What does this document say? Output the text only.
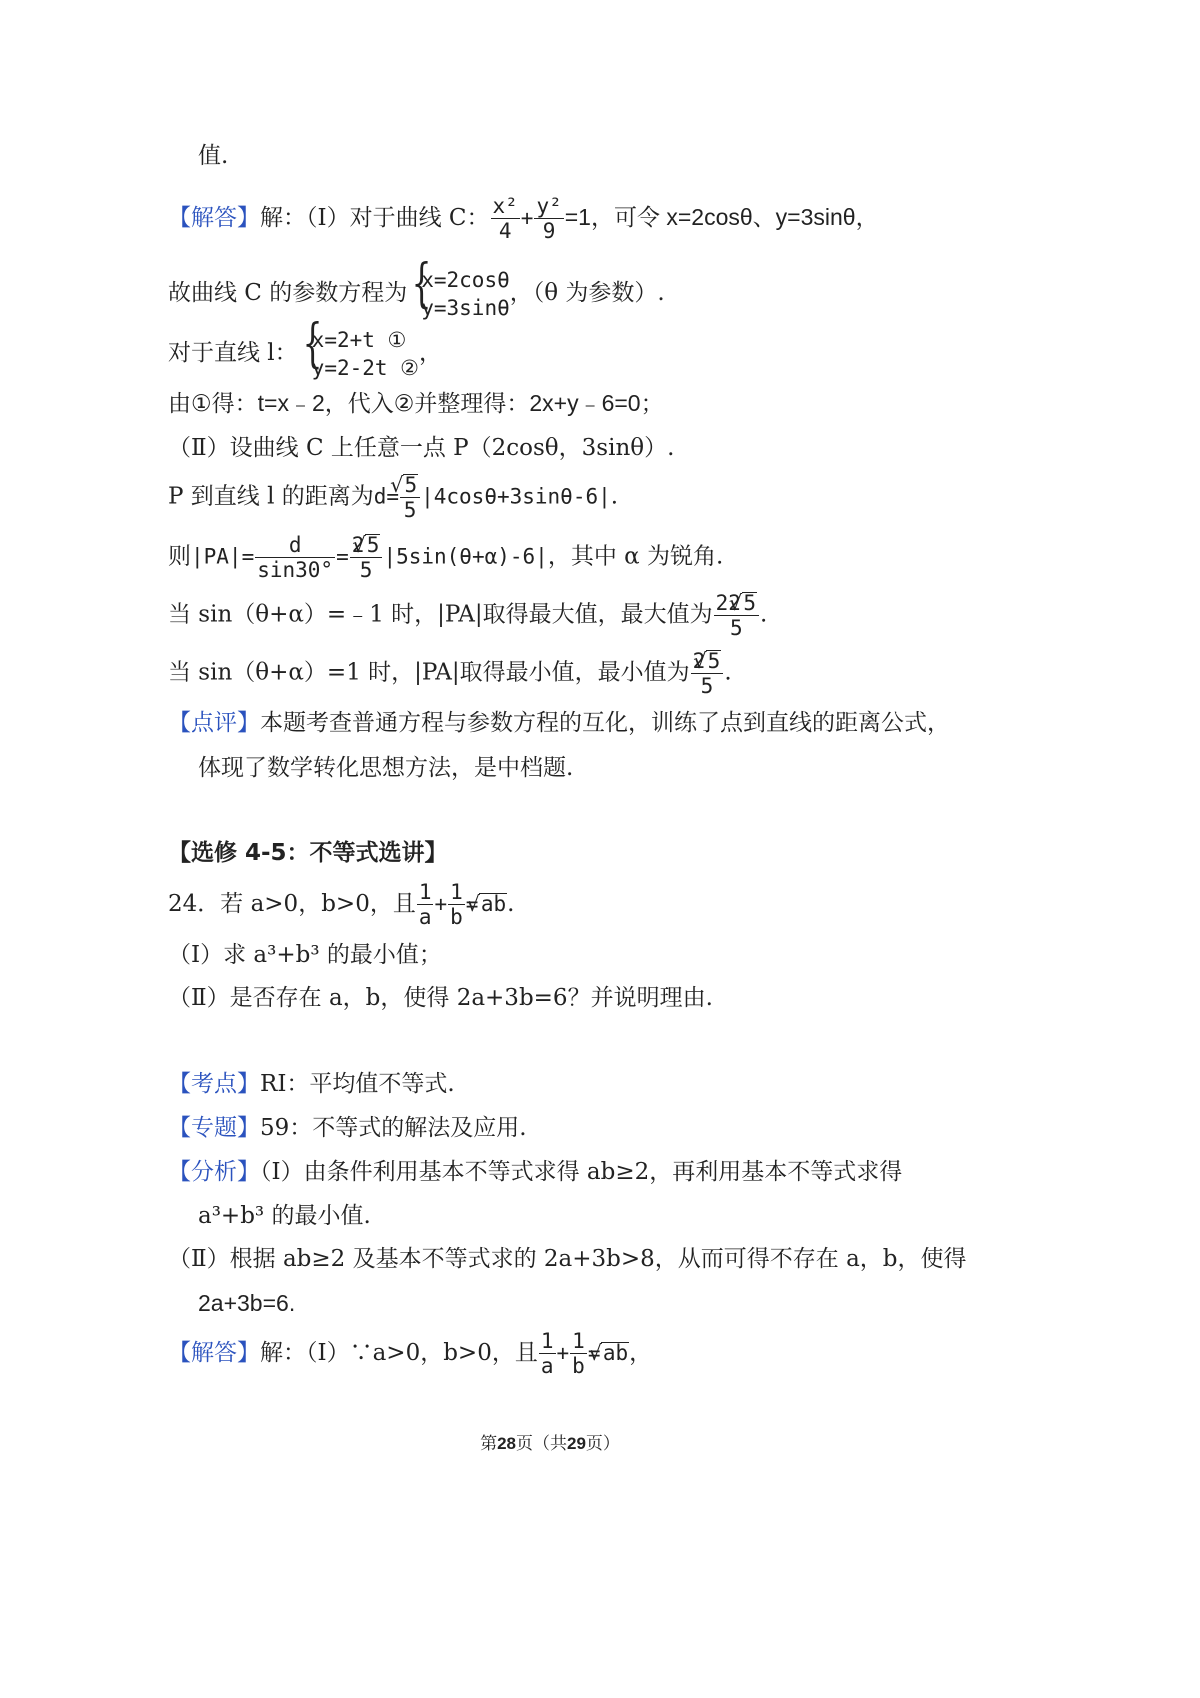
值.
【解答】解：（Ⅰ）对于曲线 C： $\frac{\text{x²}}{4} + \frac{\text{y²}}{9} =1$，可令 x=2cosθ、y=3sinθ，
故曲线 C 的参数方程为 { x=2cosθ
y=3sinθ
，（θ 为参数）.
对于直线 l： { x=2+t ①
y=2-2t ②
，
由①得：t=x﹣2，代入②并整理得：2x+y﹣6=0；
（Ⅱ）设曲线 C 上任意一点 P（2cosθ，3sinθ）.
P 到直线 l 的距离为d= √ $\frac{5}{5} |4\cos\theta+3\sin\theta-6|$.
则$|PA|= \frac{d}{\sin 30^\circ} = \frac{2 √ 5}{5} |5\sin(\theta+\alpha)-6|$，其中 α 为锐角.
当 sin（θ+α）=﹣1 时，|PA|取得最大值，最大值为 $\frac{22 √ 5}{5}$ .
当 sin（θ+α）=1 时，|PA|取得最小值，最小值为 $\frac{2 √ 5}{5}$ .
【点评】本题考查普通方程与参数方程的互化，训练了点到直线的距离公式，
体现了数学转化思想方法，是中档题.
【选修 4-5：不等式选讲】
24．若 a>0，b>0，且 $\frac{1}{a} + \frac{1}{b}$ = √ ab.
（Ⅰ）求 a³+b³ 的最小值；
（Ⅱ）是否存在 a，b，使得 2a+3b=6？并说明理由.
【考点】RI：平均值不等式.
【专题】59：不等式的解法及应用.
【分析】（Ⅰ）由条件利用基本不等式求得 ab≥2，再利用基本不等式求得
a³+b³ 的最小值.
（Ⅱ）根据 ab≥2 及基本不等式求的 2a+3b>8，从而可得不存在 a，b，使得
2a+3b=6.
【解答】解：（Ⅰ）∵a>0，b>0，且 $\frac{1}{a} + \frac{1}{b}$ = √ ab，
第28页（共29页）
